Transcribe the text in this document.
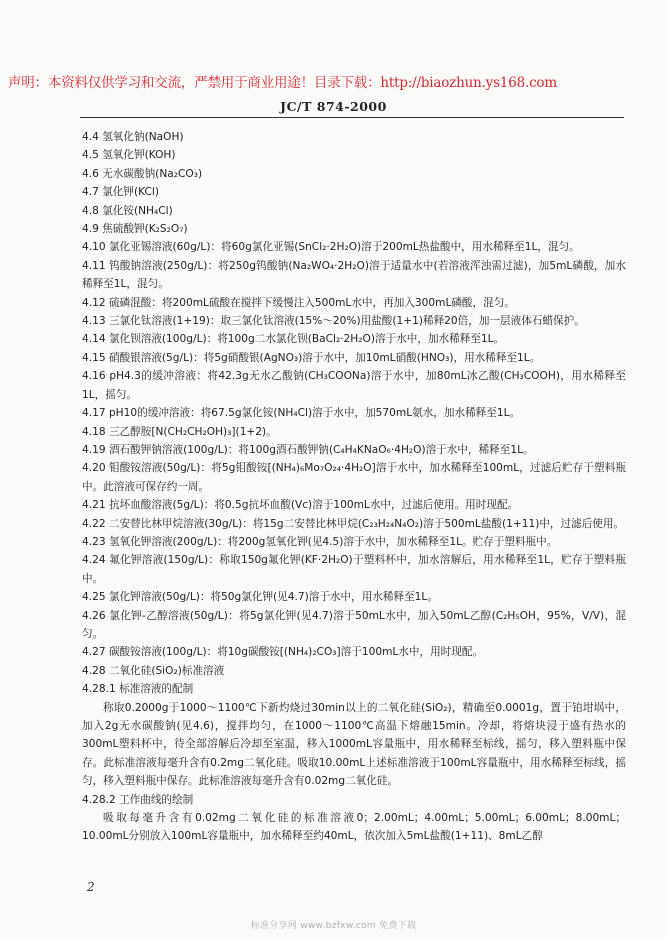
声明：本资料仅供学习和交流，严禁用于商业用途！目录下载：http://biaozhun.ys168.com
JC/T 874-2000

4.4 氢氧化钠(NaOH)

4.5 氢氧化钾(KOH)

4.6 无水碳酸钠(Na₂CO₃)

4.7 氯化钾(KCl)

4.8 氯化铵(NH₄Cl)

4.9 焦硫酸钾(K₂S₂O₇)

4.10 氯化亚锡溶液(60g/L)：将60g氯化亚锡(SnCl₂·2H₂O)溶于200mL热盐酸中，用水稀释至1L，混匀。

4.11 钨酸钠溶液(250g/L)：将250g钨酸钠(Na₂WO₄·2H₂O)溶于适量水中(若溶液浑浊需过滤)，加5mL磷酸，加水稀释至1L，混匀。

4.12 硫磷混酸：将200mL硫酸在搅拌下缓慢注入500mL水中，再加入300mL磷酸，混匀。

4.13 三氯化钛溶液(1+19)：取三氯化钛溶液(15%～20%)用盐酸(1+1)稀释20倍，加一层液体石蜡保护。

4.14 氯化钡溶液(100g/L)：将100g二水氯化钡(BaCl₂·2H₂O)溶于水中，加水稀释至1L。

4.15 硝酸银溶液(5g/L)：将5g硝酸银(AgNO₃)溶于水中，加10mL硝酸(HNO₃)，用水稀释至1L。

4.16 pH4.3的缓冲溶液：将42.3g无水乙酸钠(CH₃COONa)溶于水中，加80mL冰乙酸(CH₃COOH)，用水稀释至1L，摇匀。

4.17 pH10的缓冲溶液：将67.5g氯化铵(NH₄Cl)溶于水中，加570mL氨水，加水稀释至1L。

4.18 三乙醇胺[N(CH₂CH₂OH)₃](1+2)。

4.19 酒石酸钾钠溶液(100g/L)：将100g酒石酸钾钠(C₄H₄KNaO₆·4H₂O)溶于水中，稀释至1L。

4.20 钼酸铵溶液(50g/L)：将5g钼酸铵[(NH₄)₆Mo₇O₂₄·4H₂O]溶于水中，加水稀释至100mL，过滤后贮存于塑料瓶中。此溶液可保存约一周。

4.21 抗坏血酸溶液(5g/L)：将0.5g抗坏血酸(Vc)溶于100mL水中，过滤后使用。用时现配。

4.22 二安替比林甲烷溶液(30g/L)：将15g二安替比林甲烷(C₂₃H₂₄N₄O₂)溶于500mL盐酸(1+11)中，过滤后使用。

4.23 氢氧化钾溶液(200g/L)：将200g氢氧化钾(见4.5)溶于水中，加水稀释至1L。贮存于塑料瓶中。

4.24 氟化钾溶液(150g/L)：称取150g氟化钾(KF·2H₂O)于塑料杯中，加水溶解后，用水稀释至1L，贮存于塑料瓶中。

4.25 氯化钾溶液(50g/L)：将50g氯化钾(见4.7)溶于水中，用水稀释至1L。

4.26 氯化钾-乙醇溶液(50g/L)：将5g氯化钾(见4.7)溶于50mL水中，加入50mL乙醇(C₂H₅OH，95%，V/V)，混匀。

4.27 碳酸铵溶液(100g/L)：将10g碳酸铵[(NH₄)₂CO₃]溶于100mL水中，用时现配。

4.28 二氧化硅(SiO₂)标准溶液

4.28.1 标准溶液的配制

称取0.2000g于1000～1100℃下新灼烧过30min以上的二氧化硅(SiO₂)，精确至0.0001g，置于铂坩埚中，加入2g无水碳酸钠(见4.6)，搅拌均匀，在1000～1100℃高温下熔融15min。冷却，将熔块浸于盛有热水的300mL塑料杯中，待全部溶解后冷却至室温，移入1000mL容量瓶中，用水稀释至标线，摇匀，移入塑料瓶中保存。此标准溶液每毫升含有0.2mg二氧化硅。吸取10.00mL上述标准溶液于100mL容量瓶中，用水稀释至标线，摇匀，移入塑料瓶中保存。此标准溶液每毫升含有0.02mg二氧化硅。

4.28.2 工作曲线的绘制

吸取每毫升含有0.02mg二氧化硅的标准溶液0；2.00mL；4.00mL；5.00mL；6.00mL；8.00mL；10.00mL分别放入100mL容量瓶中，加水稀释至约40mL，依次加入5mL盐酸(1+11)、8mL乙醇

2
标准分享网 www.bzfxw.com 免费下载
